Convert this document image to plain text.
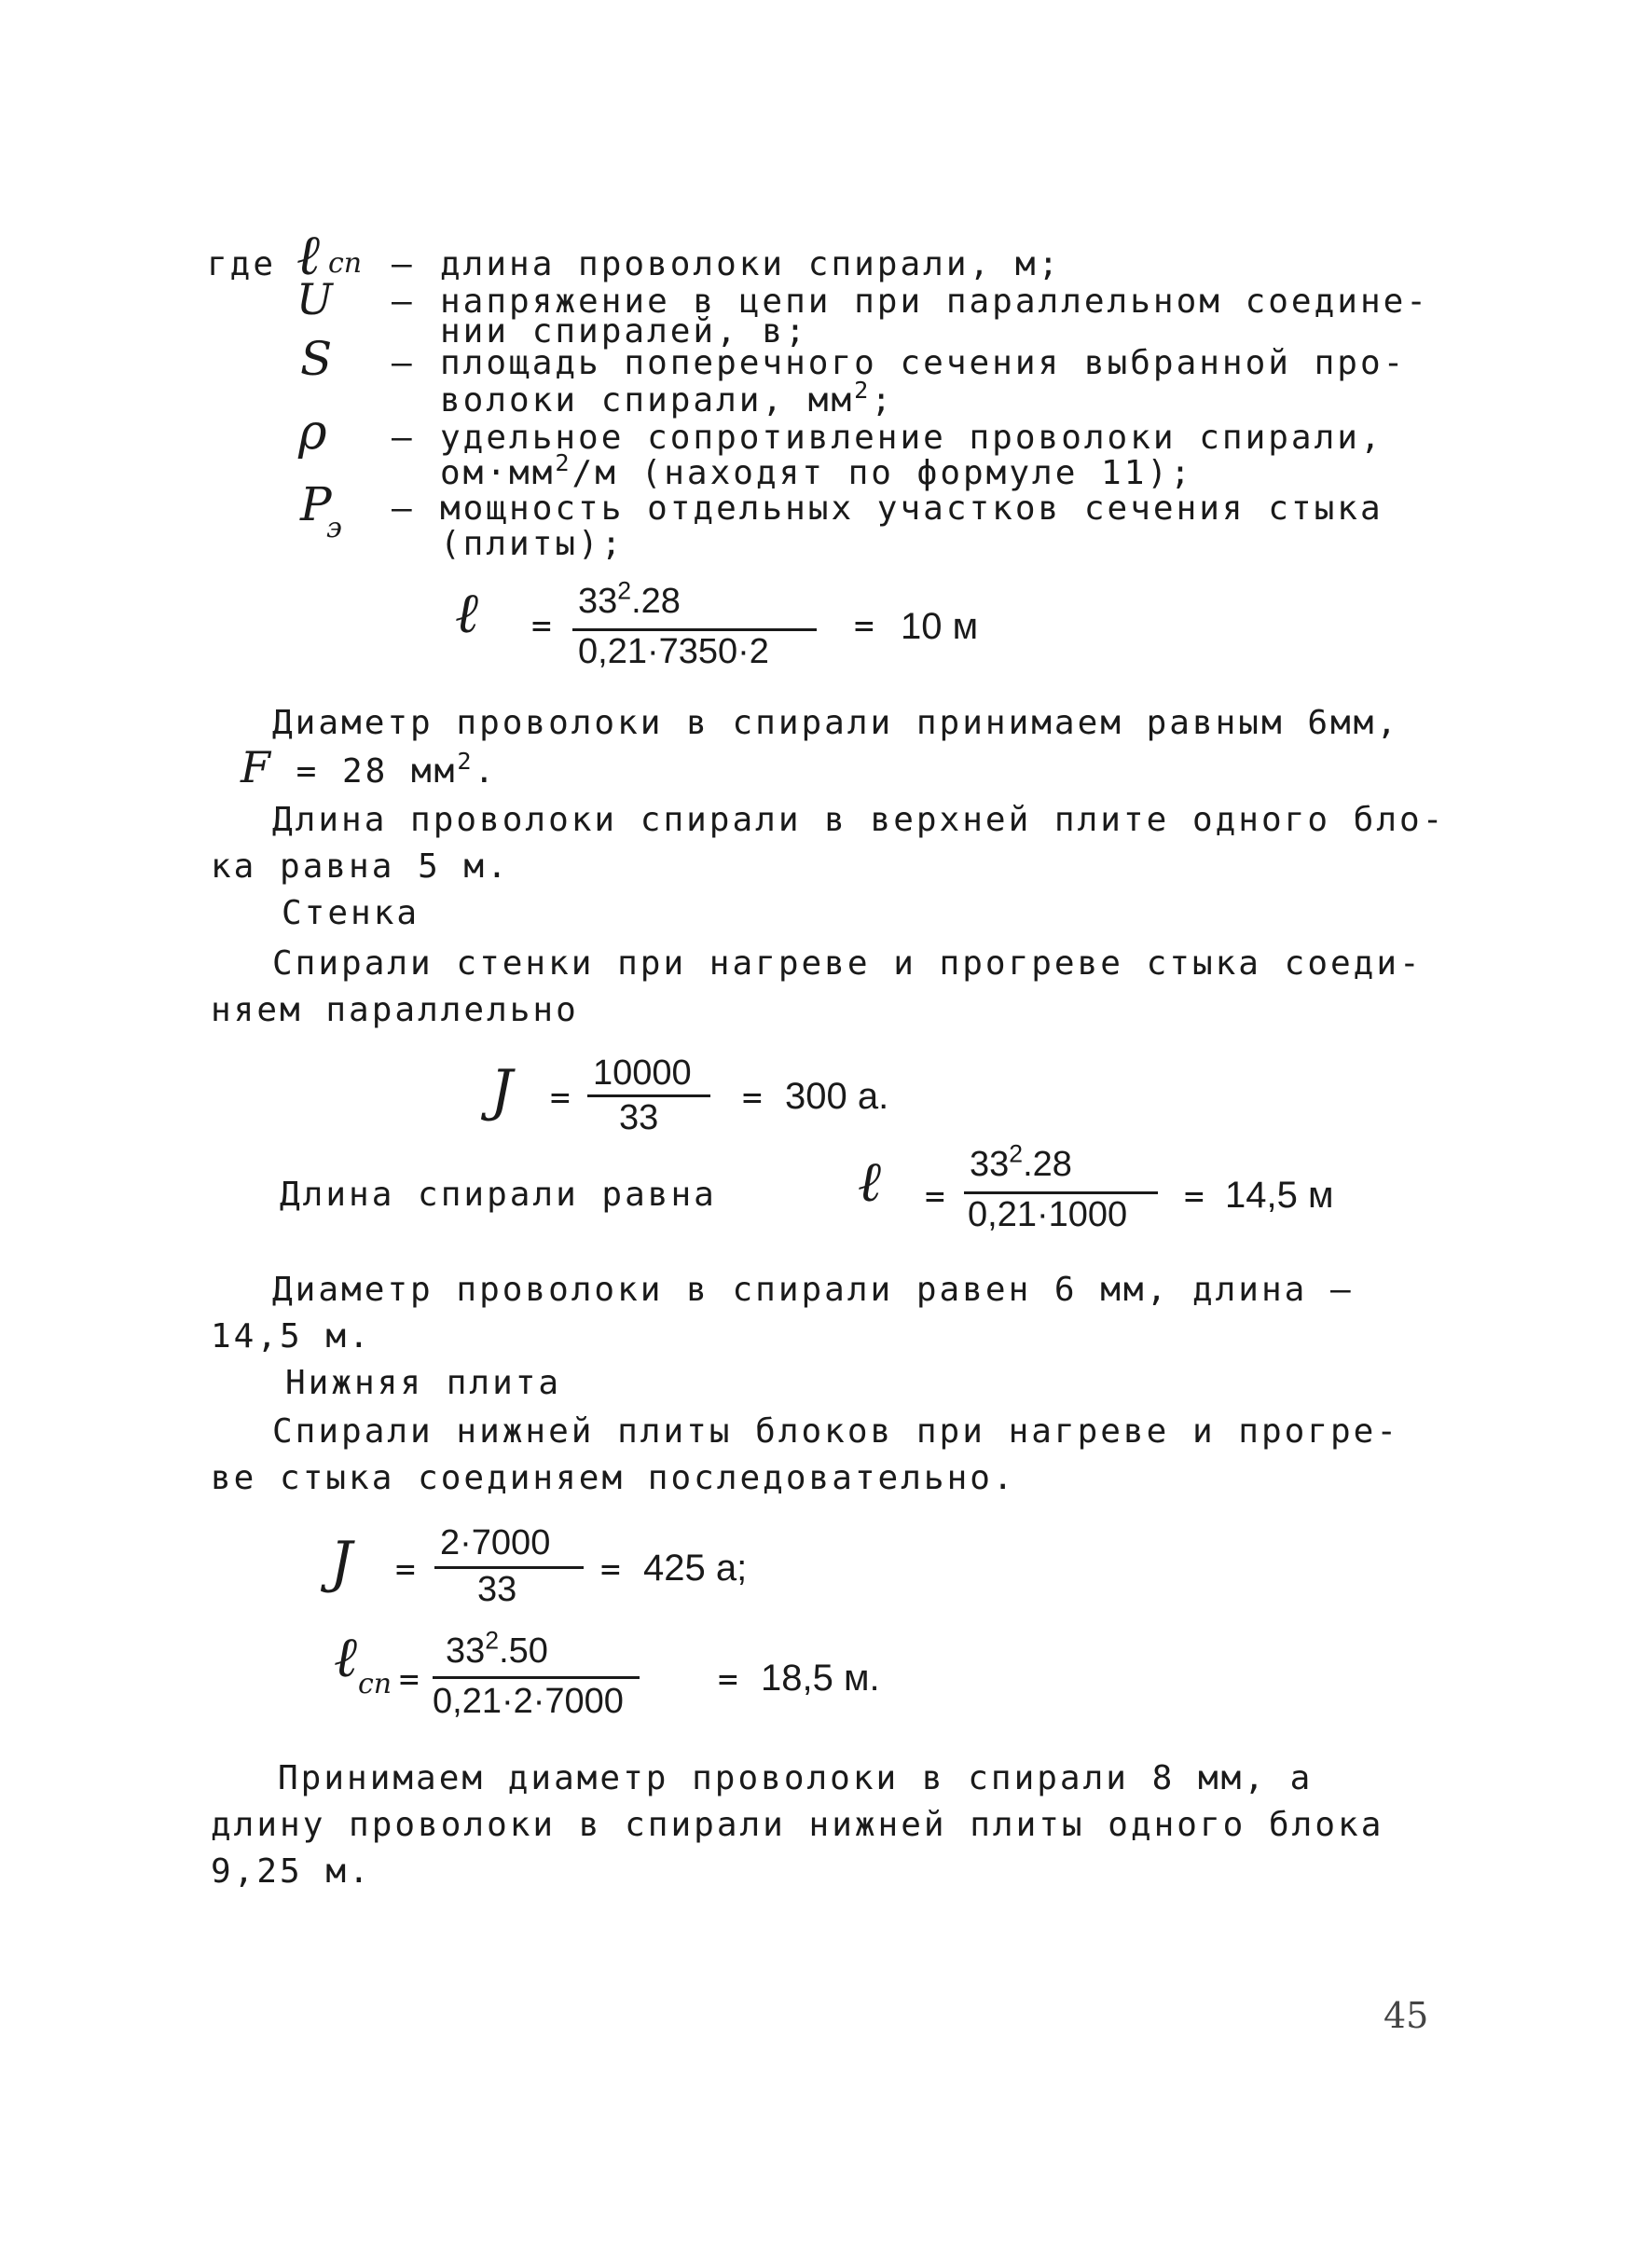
где ℓ сп
U
S
ρ
P
э
–
–
–
–
–
длина проволоки спирали, м;
напряжение в цепи при параллельном соедине-
нии спиралей, в;
площадь поперечного сечения выбранной про-
волоки спирали, $мм^2$;
удельное сопротивление проволоки спирали,
$ом\cdot мм^2/м$ (находят по формуле 11);
мощность отдельных участков сечения стыка
(плиты);
ℓ =
$33^2.28$
0,21·7350·2
= 10 м
Диаметр проволоки в спирали принимаем равным 6мм,
F = 28 $мм^2$.
Длина проволоки спирали в верхней плите одного бло-
ка равна 5 м.
Стенка
Спирали стенки при нагреве и прогреве стыка соеди-
няем параллельно
J =
10000
33
= 300 а.
Длина спирали равна	ℓ =
$33^2.28$
0,21·1000 = 14,5 м
Диаметр проволоки в спирали равен 6 мм, длина –
14,5 м.
Нижняя плита
Спирали нижней плиты блоков при нагреве и прогре-
ве стыка соединяем последовательно.
J =
2·7000
33
= 425 а;
ℓ сп =
$33^2.50$
0,21·2·7000
= 18,5 м.
Принимаем диаметр проволоки в спирали 8 мм, а
длину проволоки в спирали нижней плиты одного блока
9,25 м.
45
